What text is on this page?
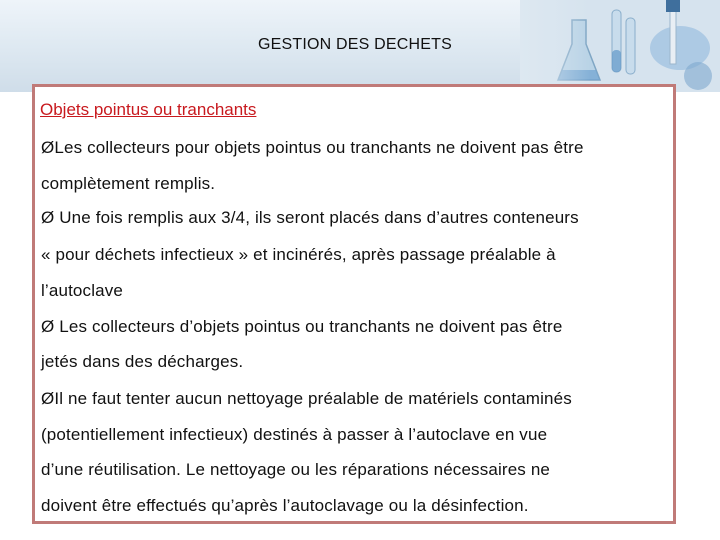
GESTION DES DECHETS
Objets pointus ou tranchants
ØLes collecteurs pour objets pointus ou tranchants ne doivent pas être
complètement remplis.
Ø Une fois remplis aux 3/4, ils seront placés dans d’autres conteneurs
« pour déchets infectieux » et incinérés, après passage préalable à
l’autoclave
Ø Les collecteurs d’objets pointus ou tranchants ne doivent pas être
jetés dans des décharges.
ØIl ne faut tenter aucun nettoyage préalable de matériels contaminés
(potentiellement infectieux) destinés à passer à l’autoclave en vue
d’une réutilisation. Le nettoyage ou les réparations nécessaires ne
doivent être effectués qu’après l’autoclavage ou la désinfection.
